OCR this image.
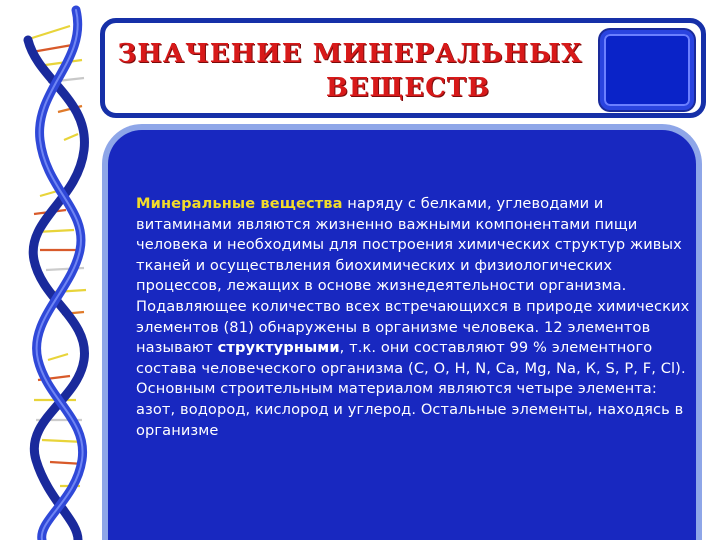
ЗНАЧЕНИЕ МИНЕРАЛЬНЫХ

ВЕЩЕСТВ

Минеральные вещества наряду с белками, углеводами и витаминами являются жизненно важными компонентами пищи человека и необходимы для построения химических структур живых тканей и осуществления биохимических и физиологических процессов, лежащих в основе жизнедеятельности организма.
Подавляющее количество всех встречающихся в природе химических элементов (81) обнаружены в организме человека. 12 элементов называют структурными, т.к. они составляют 99 % элементного состава человеческого организма (С, О, Н, N, Са, Mg, Na, К, S, Р, F, Cl). Основным строительным материалом являются четыре элемента: азот, водород, кислород и углерод. Остальные элементы, находясь в организме
